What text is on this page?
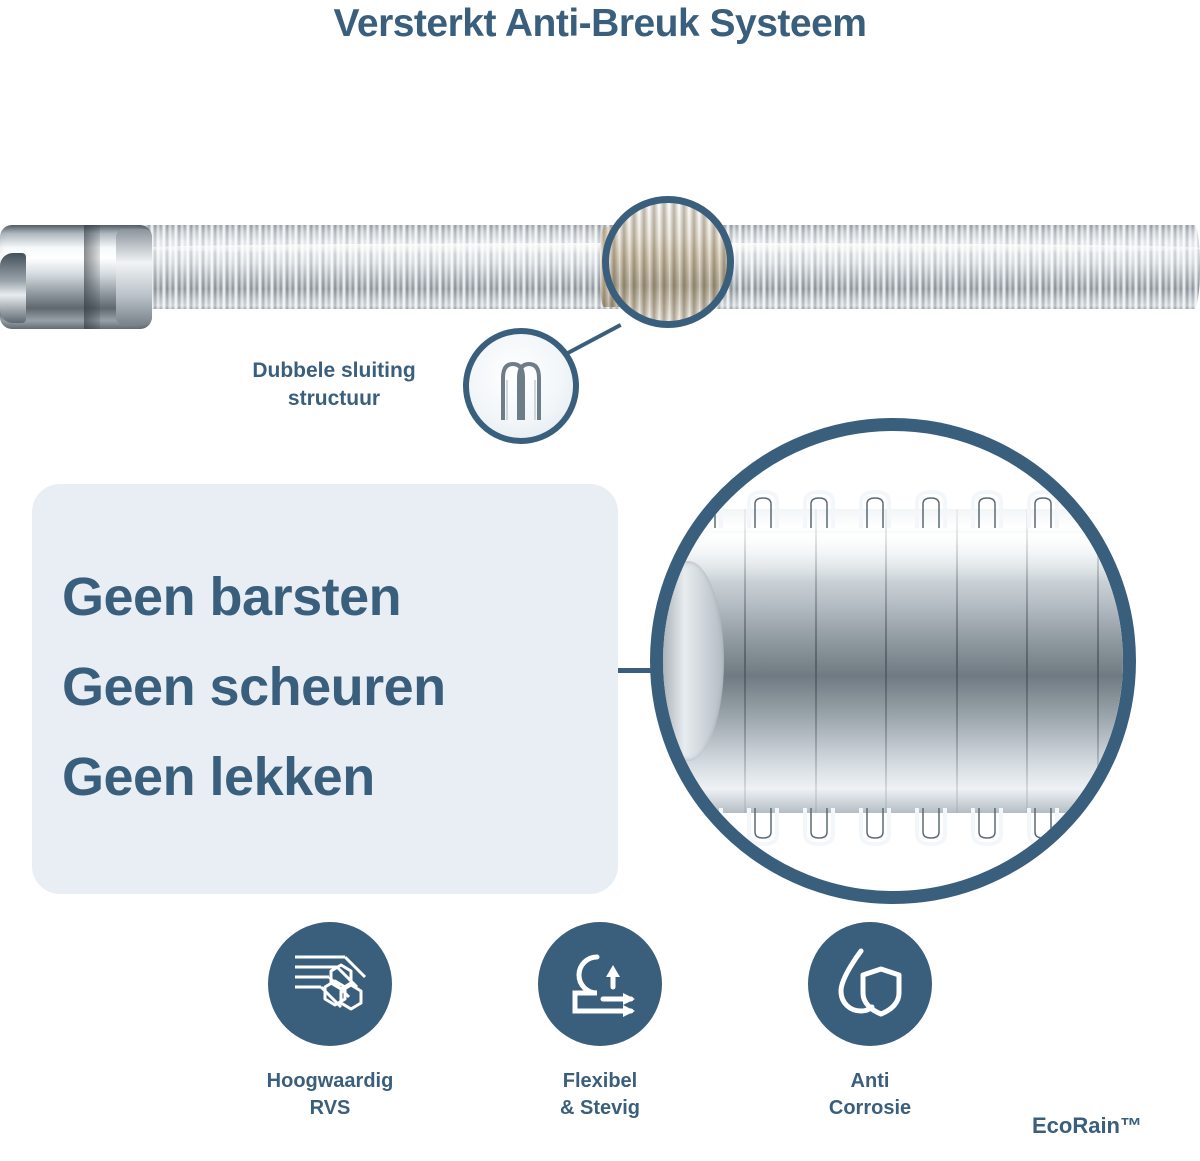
Versterkt Anti-Breuk Systeem
Dubbele sluiting
structuur
Geen barsten
Geen scheuren
Geen lekken
Hoogwaardig
RVS
Flexibel
& Stevig
Anti
Corrosie
EcoRain™
